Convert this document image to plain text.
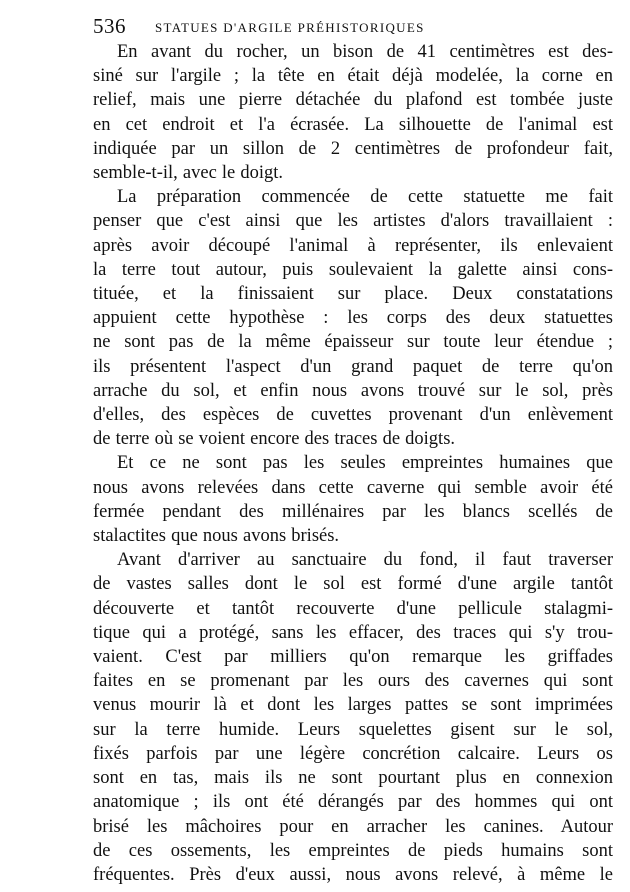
536 STATUES D'ARGILE PRÉHISTORIQUES

En avant du rocher, un bison de 41 centimètres est des-
siné sur l'argile ; la tête en était déjà modelée, la corne en
relief, mais une pierre détachée du plafond est tombée juste
en cet endroit et l'a écrasée. La silhouette de l'animal est
indiquée par un sillon de 2 centimètres de profondeur fait,
semble-t-il, avec le doigt.

La préparation commencée de cette statuette me fait
penser que c'est ainsi que les artistes d'alors travaillaient :
après avoir découpé l'animal à représenter, ils enlevaient
la terre tout autour, puis soulevaient la galette ainsi cons-
tituée, et la finissaient sur place. Deux constatations
appuient cette hypothèse : les corps des deux statuettes
ne sont pas de la même épaisseur sur toute leur étendue ;
ils présentent l'aspect d'un grand paquet de terre qu'on
arrache du sol, et enfin nous avons trouvé sur le sol, près
d'elles, des espèces de cuvettes provenant d'un enlèvement
de terre où se voient encore des traces de doigts.

Et ce ne sont pas les seules empreintes humaines que
nous avons relevées dans cette caverne qui semble avoir été
fermée pendant des millénaires par les blancs scellés de
stalactites que nous avons brisés.

Avant d'arriver au sanctuaire du fond, il faut traverser
de vastes salles dont le sol est formé d'une argile tantôt
découverte et tantôt recouverte d'une pellicule stalagmi-
tique qui a protégé, sans les effacer, des traces qui s'y trou-
vaient. C'est par milliers qu'on remarque les griffades
faites en se promenant par les ours des cavernes qui sont
venus mourir là et dont les larges pattes se sont imprimées
sur la terre humide. Leurs squelettes gisent sur le sol,
fixés parfois par une légère concrétion calcaire. Leurs os
sont en tas, mais ils ne sont pourtant plus en connexion
anatomique ; ils ont été dérangés par des hommes qui ont
brisé les mâchoires pour en arracher les canines. Autour
de ces ossements, les empreintes de pieds humains sont
fréquentes. Près d'eux aussi, nous avons relevé, à même le
